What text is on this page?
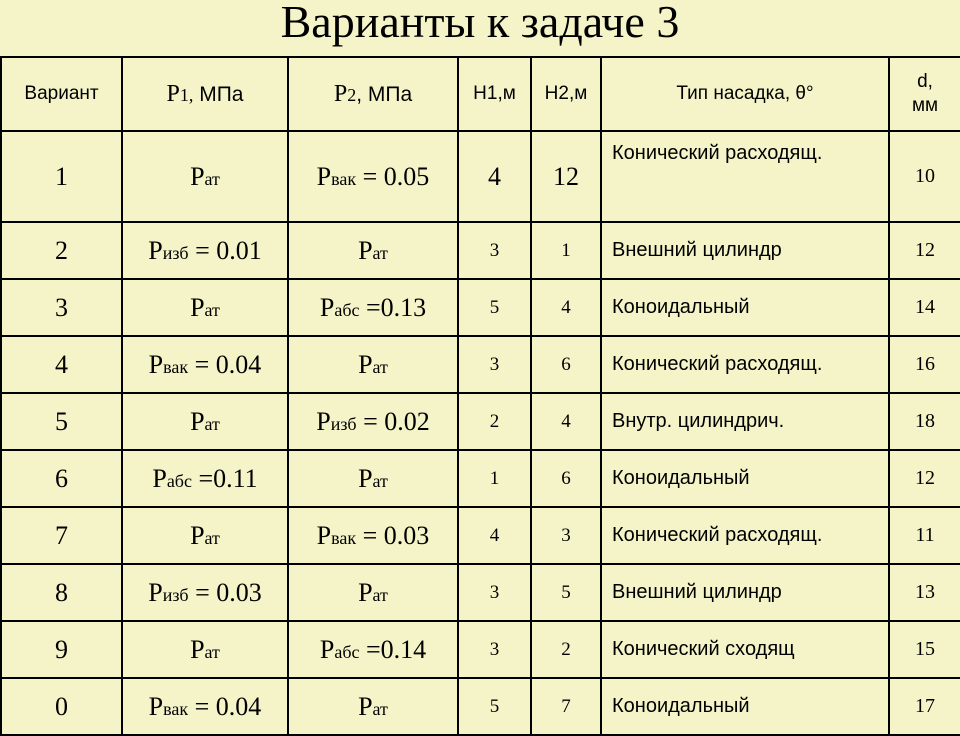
Варианты к задаче 3
Вариант	P1, МПа	P2, МПа	H1,м	H2,м	Тип насадка, θ°	d,
мм
1	Pат	Pвак = 0.05	4	12	Конический расходящ.	10
2	Pизб = 0.01	Pат	3	1	Внешний цилиндр	12
3	Pат	Pабс =0.13	5	4	Коноидальный	14
4	Pвак = 0.04	Pат	3	6	Конический расходящ.	16
5	Pат	Pизб = 0.02	2	4	Внутр. цилиндрич.	18
6	Pабс =0.11	Pат	1	6	Коноидальный	12
7	Pат	Pвак = 0.03	4	3	Конический расходящ.	11
8	Pизб = 0.03	Pат	3	5	Внешний цилиндр	13
9	Pат	Pабс =0.14	3	2	Конический сходящ	15
0	Pвак = 0.04	Pат	5	7	Коноидальный	17
